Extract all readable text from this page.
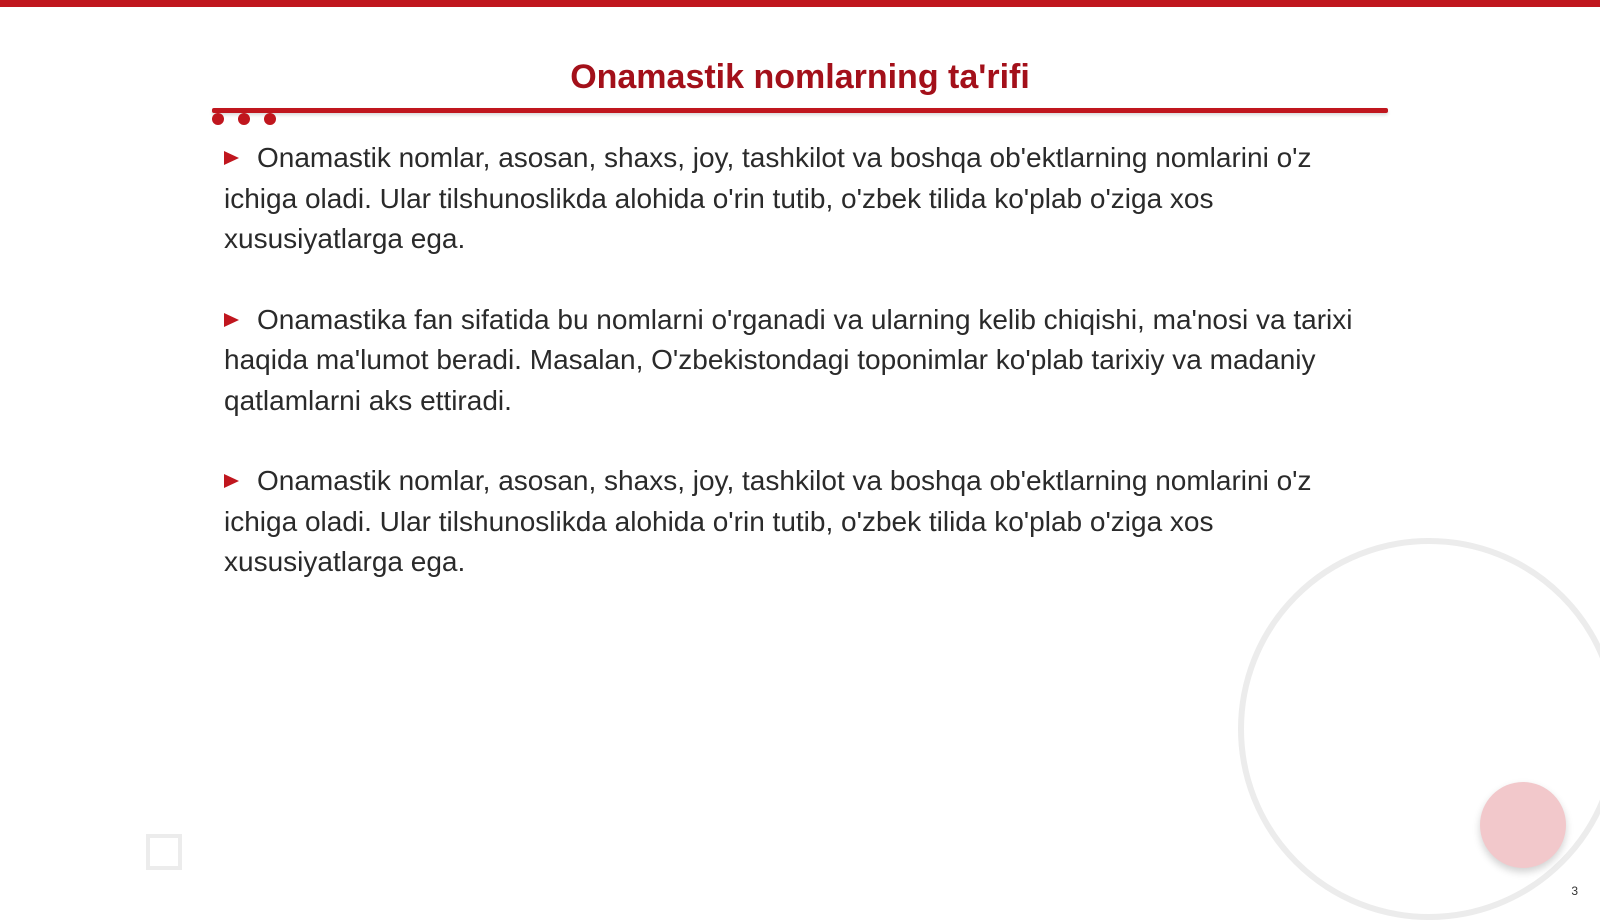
Onamastik nomlarning ta'rifi

Onamastik nomlar, asosan, shaxs, joy, tashkilot va boshqa ob'ektlarning nomlarini o'z ichiga oladi. Ular tilshunoslikda alohida o'rin tutib, o'zbek tilida ko'plab o'ziga xos xususiyatlarga ega.

Onamastika fan sifatida bu nomlarni o'rganadi va ularning kelib chiqishi, ma'nosi va tarixi haqida ma'lumot beradi. Masalan, O'zbekistondagi toponimlar ko'plab tarixiy va madaniy qatlamlarni aks ettiradi.

Onamastik nomlar, asosan, shaxs, joy, tashkilot va boshqa ob'ektlarning nomlarini o'z ichiga oladi. Ular tilshunoslikda alohida o'rin tutib, o'zbek tilida ko'plab o'ziga xos xususiyatlarga ega.

3
